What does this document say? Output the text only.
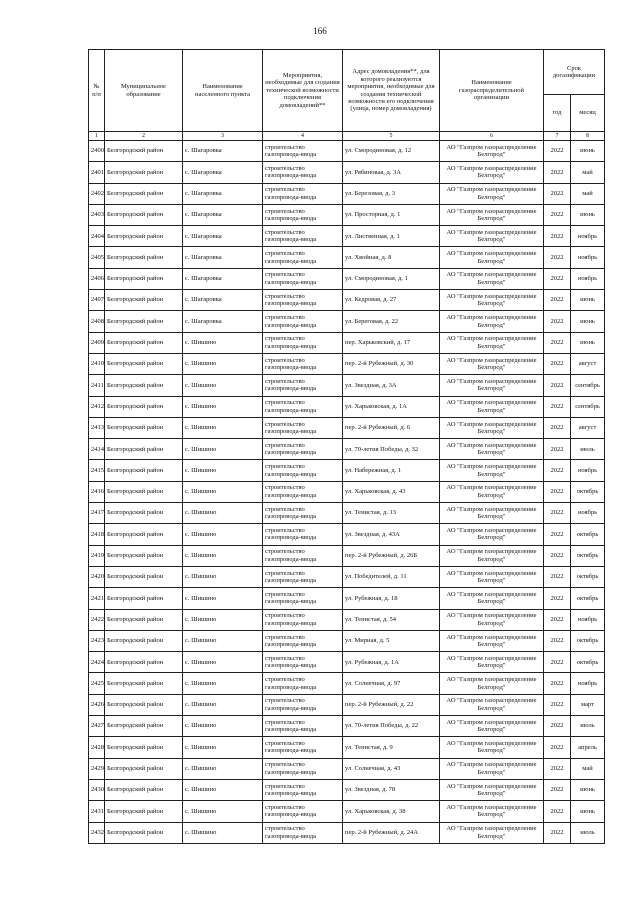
166
№ п/п	Муниципальное образование	Наименование населенного пункта	Мероприятия, необходимые для создания технической возможности подключения домовладений**	Адрес домовладения**, для которого реализуются мероприятия, необходимые для создания технической возможности его подключения (улица, номер домовладения)	Наименование газораспределительной организации	Срок догазификации	
						год	месяц
1	2	3	4	5	6	7	8
2400	Белгородский район	с. Шагаровка	строительство газопровода-ввода	ул. Смородиновая, д. 12	АО "Газпром газораспределение Белгород"	2022	июнь
2401	Белгородский район	с. Шагаровка	строительство газопровода-ввода	ул. Рябиновая, д. 3А	АО "Газпром газораспределение Белгород"	2022	май
2402	Белгородский район	с. Шагаровка	строительство газопровода-ввода	ул. Березовая, д. 3	АО "Газпром газораспределение Белгород"	2022	май
2403	Белгородский район	с. Шагаровка	строительство газопровода-ввода	ул. Просторная, д. 1	АО "Газпром газораспределение Белгород"	2022	июнь
2404	Белгородский район	с. Шагаровка	строительство газопровода-ввода	ул. Лиственная, д. 1	АО "Газпром газораспределение Белгород"	2022	ноябрь
2405	Белгородский район	с. Шагаровка	строительство газопровода-ввода	ул. Хвойная, д. 8	АО "Газпром газораспределение Белгород"	2022	ноябрь
2406	Белгородский район	с. Шагаровка	строительство газопровода-ввода	ул. Смородиновая, д. 1	АО "Газпром газораспределение Белгород"	2022	ноябрь
2407	Белгородский район	с. Шагаровка	строительство газопровода-ввода	ул. Кедровая, д. 27	АО "Газпром газораспределение Белгород"	2022	июнь
2408	Белгородский район	с. Шагаровка	строительство газопровода-ввода	ул. Береговая, д. 22	АО "Газпром газораспределение Белгород"	2022	июнь
2409	Белгородский район	с. Шишино	строительство газопровода-ввода	пер. Харьковский, д. 17	АО "Газпром газораспределение Белгород"	2022	июнь
2410	Белгородский район	с. Шишино	строительство газопровода-ввода	пер. 2-й Рубежный, д. 30	АО "Газпром газораспределение Белгород"	2022	август
2411	Белгородский район	с. Шишино	строительство газопровода-ввода	ул. Звездная, д. 3А	АО "Газпром газораспределение Белгород"	2022	сентябрь
2412	Белгородский район	с. Шишино	строительство газопровода-ввода	ул. Харьковская, д. 1А	АО "Газпром газораспределение Белгород"	2022	сентябрь
2413	Белгородский район	с. Шишино	строительство газопровода-ввода	пер. 2-й Рубежный, д. 6	АО "Газпром газораспределение Белгород"	2022	август
2414	Белгородский район	с. Шишино	строительство газопровода-ввода	ул. 70-летия Победы, д. 32	АО "Газпром газораспределение Белгород"	2022	июль
2415	Белгородский район	с. Шишино	строительство газопровода-ввода	ул. Набережная, д. 1	АО "Газпром газораспределение Белгород"	2022	ноябрь
2416	Белгородский район	с. Шишино	строительство газопровода-ввода	ул. Харьковская, д. 43	АО "Газпром газораспределение Белгород"	2022	октябрь
2417	Белгородский район	с. Шишино	строительство газопровода-ввода	ул. Тенистая, д. 13	АО "Газпром газораспределение Белгород"	2022	ноябрь
2418	Белгородский район	с. Шишино	строительство газопровода-ввода	ул. Звездная, д. 43А	АО "Газпром газораспределение Белгород"	2022	октябрь
2419	Белгородский район	с. Шишино	строительство газопровода-ввода	пер. 2-й Рубежный, д. 26Б	АО "Газпром газораспределение Белгород"	2022	октябрь
2420	Белгородский район	с. Шишино	строительство газопровода-ввода	ул. Победителей, д. 11	АО "Газпром газораспределение Белгород"	2022	октябрь
2421	Белгородский район	с. Шишино	строительство газопровода-ввода	ул. Рубежная, д. 18	АО "Газпром газораспределение Белгород"	2022	октябрь
2422	Белгородский район	с. Шишино	строительство газопровода-ввода	ул. Тенистая, д. 54	АО "Газпром газораспределение Белгород"	2022	ноябрь
2423	Белгородский район	с. Шишино	строительство газопровода-ввода	ул. Мирная, д. 5	АО "Газпром газораспределение Белгород"	2022	октябрь
2424	Белгородский район	с. Шишино	строительство газопровода-ввода	ул. Рубежная, д. 1А	АО "Газпром газораспределение Белгород"	2022	октябрь
2425	Белгородский район	с. Шишино	строительство газопровода-ввода	ул. Солнечная, д. 97	АО "Газпром газораспределение Белгород"	2022	ноябрь
2426	Белгородский район	с. Шишино	строительство газопровода-ввода	пер. 2-й Рубежный, д. 22	АО "Газпром газораспределение Белгород"	2022	март
2427	Белгородский район	с. Шишино	строительство газопровода-ввода	ул. 70-летия Победы, д. 22	АО "Газпром газораспределение Белгород"	2022	июль
2428	Белгородский район	с. Шишино	строительство газопровода-ввода	ул. Тенистая, д. 9	АО "Газпром газораспределение Белгород"	2022	апрель
2429	Белгородский район	с. Шишино	строительство газопровода-ввода	ул. Солнечная, д. 43	АО "Газпром газораспределение Белгород"	2022	май
2430	Белгородский район	с. Шишино	строительство газопровода-ввода	ул. Звездная, д. 78	АО "Газпром газораспределение Белгород"	2022	июнь
2431	Белгородский район	с. Шишино	строительство газопровода-ввода	ул. Харьковская, д. 38	АО "Газпром газораспределение Белгород"	2022	июнь
2432	Белгородский район	с. Шишино	строительство газопровода-ввода	пер. 2-й Рубежный, д. 24А	АО "Газпром газораспределение Белгород"	2022	июль
